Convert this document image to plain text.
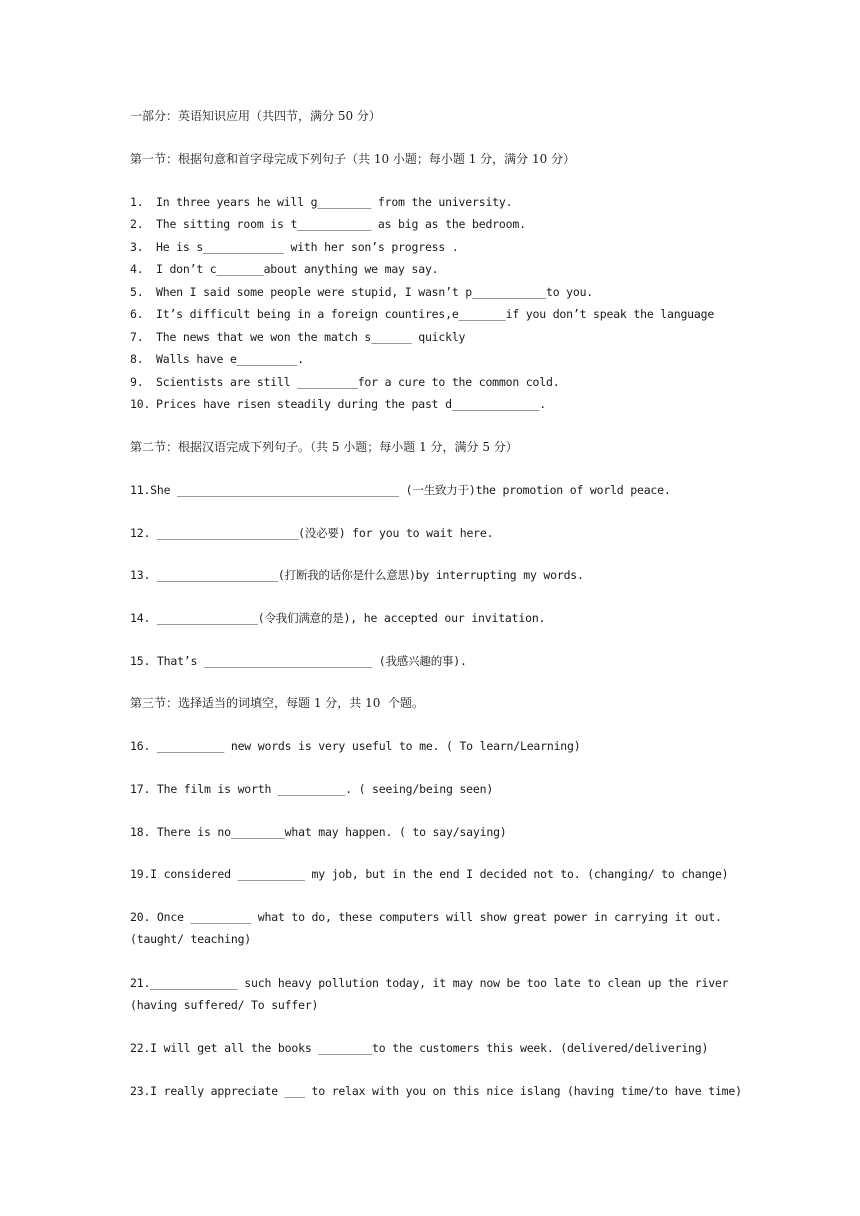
一部分：英语知识应用（共四节，满分 50 分）
第一节：根据句意和首字母完成下列句子（共 10 小题；每小题 1 分，满分 10 分）
1. In three years he will g________ from the university.
2. The sitting room is t___________ as big as the bedroom.
3. He is s____________ with her son’s progress .
4. I don’t c_______about anything we may say.
5. When I said some people were stupid, I wasn’t p___________to you.
6. It’s difficult being in a foreign countires,e_______if you don’t speak the language
7. The news that we won the match s______ quickly
8. Walls have e_________.
9. Scientists are still _________for a cure to the common cold.
10. Prices have risen steadily during the past d_____________.
第二节：根据汉语完成下列句子。（共 5 小题；每小题 1 分，满分 5 分）
11.She _________________________________ (一生致力于)the promotion of world peace.
12. _____________________(没必要) for you to wait here.
13. __________________(打断我的话你是什么意思)by interrupting my words.
14. _______________(令我们满意的是), he accepted our invitation.
15. That’s _________________________ (我感兴趣的事).
第三节：选择适当的词填空，每题 1 分，共 10  个题。
16. __________ new words is very useful to me. ( To learn/Learning)
17. The film is worth __________. ( seeing/being seen)
18. There is no________what may happen. ( to say/saying)
19.I considered __________ my job, but in the end I decided not to. (changing/ to change)
20. Once _________ what to do, these computers will show great power in carrying it out. (taught/ teaching)
21._____________ such heavy pollution today, it may now be too late to clean up the river (having suffered/ To suffer)
22.I will get all the books ________to the customers this week. (delivered/delivering)
23.I really appreciate ___ to relax with you on this nice islang (having time/to have time)
